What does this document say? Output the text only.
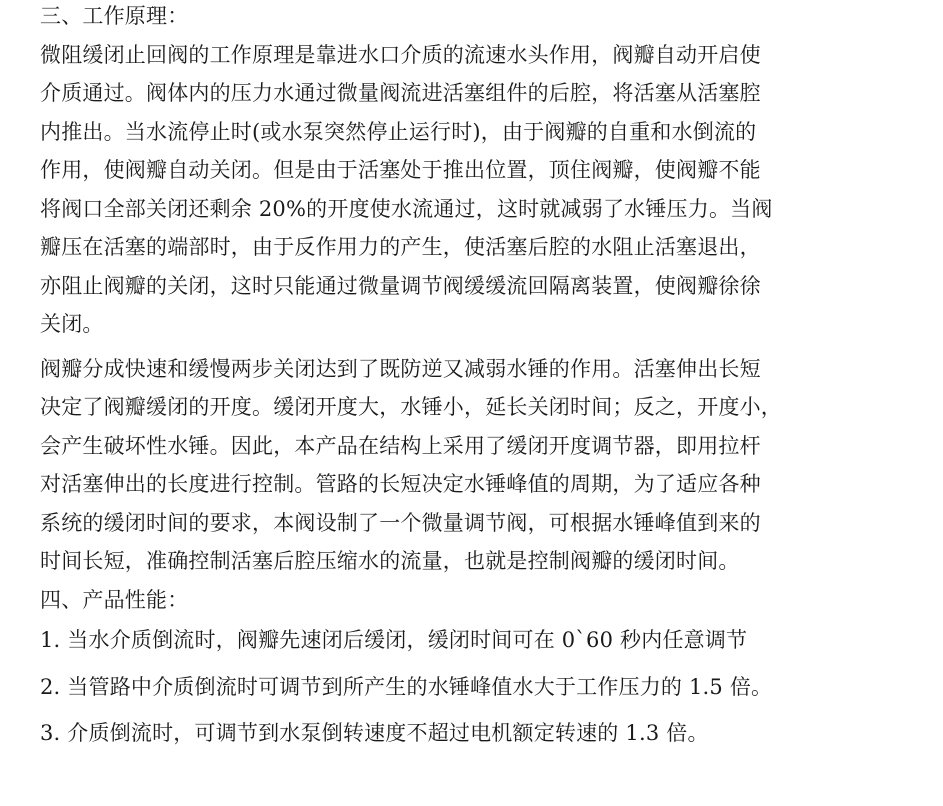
三、工作原理：
微阻缓闭止回阀的工作原理是靠进水口介质的流速水头作用，阀瓣自动开启使
介质通过。阀体内的压力水通过微量阀流进活塞组件的后腔，将活塞从活塞腔
内推出。当水流停止时(或水泵突然停止运行时)，由于阀瓣的自重和水倒流的
作用，使阀瓣自动关闭。但是由于活塞处于推出位置，顶住阀瓣，使阀瓣不能
将阀口全部关闭还剩余 20%的开度使水流通过，这时就减弱了水锤压力。当阀
瓣压在活塞的端部时，由于反作用力的产生，使活塞后腔的水阻止活塞退出，
亦阻止阀瓣的关闭，这时只能通过微量调节阀缓缓流回隔离装置，使阀瓣徐徐
关闭。
阀瓣分成快速和缓慢两步关闭达到了既防逆又减弱水锤的作用。活塞伸出长短
决定了阀瓣缓闭的开度。缓闭开度大，水锤小，延长关闭时间；反之，开度小，
会产生破坏性水锤。因此，本产品在结构上采用了缓闭开度调节器，即用拉杆
对活塞伸出的长度进行控制。管路的长短决定水锤峰值的周期，为了适应各种
系统的缓闭时间的要求，本阀设制了一个微量调节阀，可根据水锤峰值到来的
时间长短，准确控制活塞后腔压缩水的流量，也就是控制阀瓣的缓闭时间。
四、产品性能：
1. 当水介质倒流时，阀瓣先速闭后缓闭，缓闭时间可在 0`60 秒内任意调节
2. 当管路中介质倒流时可调节到所产生的水锤峰值水大于工作压力的 1.5 倍。
3. 介质倒流时，可调节到水泵倒转速度不超过电机额定转速的 1.3 倍。
